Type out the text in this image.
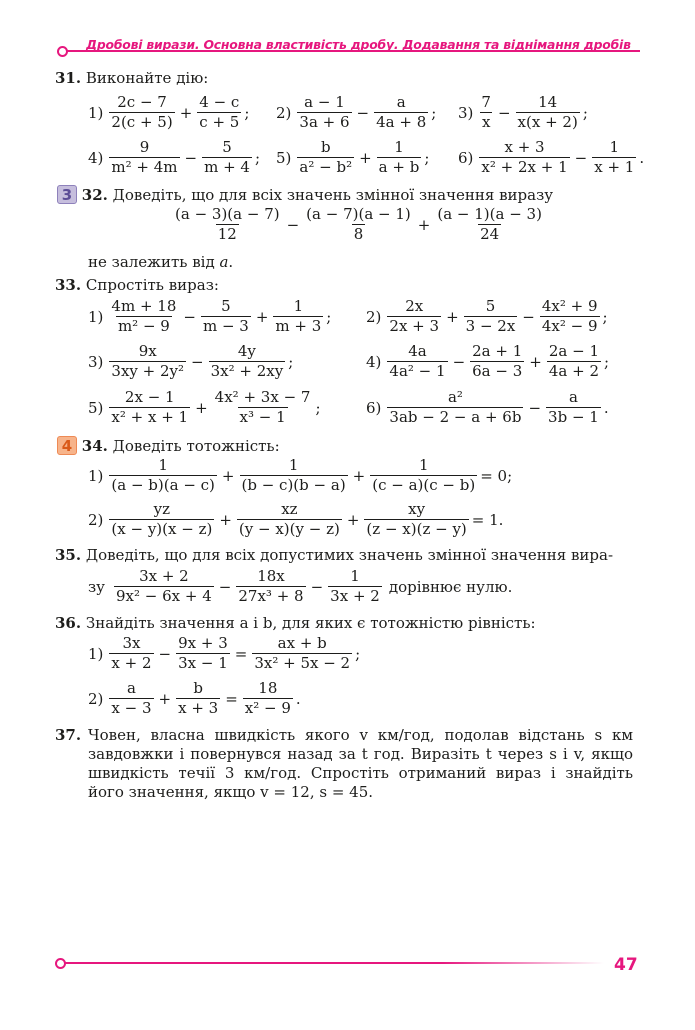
Дробові вирази. Основна властивість дробу. Додавання та віднімання дробів
31. Виконайте дію:
$1) \frac{2c - 7}{2(c + 5)} + \frac{4 - c}{c + 5}$ ; $2) \frac{a - 1}{3a + 6} - \frac{a}{4a + 8}$ ; $3) \frac{7}{x} - \frac{14}{x(x + 2)}$ ;
$4) \frac{9}{\text{m² + 4m}} - \frac{5}{m + 4}$ ; $5) \frac{b}{\text{a² − b²}} + \frac{1}{a + b}$ ; $6) \frac{x + 3}{\text{x² + 2x + 1}} - \frac{1}{x + 1}$ .
3 32. Доведіть, що для всіх значень змінної значення виразу
$\frac{(a - 3)(a - 7)}{12} - \frac{(a - 7)(a - 1)}{8} + \frac{(a - 1)(a - 3)}{24}$
не залежить від a.
33. Спростіть вираз:
$1) \frac{4m + 18}{\text{m² − 9}} - \frac{5}{m - 3} + \frac{1}{m + 3}$ ; $2) \frac{2x}{2x + 3} + \frac{5}{3 - 2x} - \frac{\text{4x² + 9}}{\text{4x² − 9}}$ ;
$3) \frac{9x}{\text{3xy + 2y²}} - \frac{4y}{\text{3x² + 2xy}}$ ;	$4) \frac{4a}{\text{4a² − 1}} - \frac{2a + 1}{6a - 3} + \frac{2a - 1}{4a + 2}$ ;
$5) \frac{2x - 1}{\text{x² + x + 1}} + \frac{\text{4x² + 3x − 7}}{\text{x³ − 1}}$ ;	$6) \frac{\text{a²}}{3ab - 2 - a + 6b} - \frac{a}{3b - 1}$ .
4 34. Доведіть тотожність:
$1) \frac{1}{(a - b)(a - c)} + \frac{1}{(b - c)(b - a)} + \frac{1}{(c - a)(c - b)} = 0$;
$2) \frac{yz}{(x - y)(x - z)} + \frac{xz}{(y - x)(y - z)} + \frac{xy}{(z - x)(z - y)} = 1$.
35. Доведіть, що для всіх допустимих значень змінної значення вира-
зу $\frac{3x + 2}{\text{9x² − 6x + 4}} - \frac{18x}{\text{27x³ + 8}} - \frac{1}{3x + 2}$ дорівнює нулю.
36. Знайдіть значення a і b, для яких є тотожністю рівність:
$1) \frac{3x}{x + 2} - \frac{9x + 3}{3x - 1} = \frac{ax + b}{\text{3x² + 5x − 2}}$ ;
$2) \frac{a}{x - 3} + \frac{b}{x + 3} = \frac{18}{\text{x² − 9}}$ .
37. Човен, власна швидкість якого v км/год, подолав відстань s км
завдовжки і повернувся назад за t год. Виразіть t через s і v, якщо
швидкість течії 3 км/год. Спростіть отриманий вираз і знайдіть
його значення, якщо v = 12, s = 45.
47
